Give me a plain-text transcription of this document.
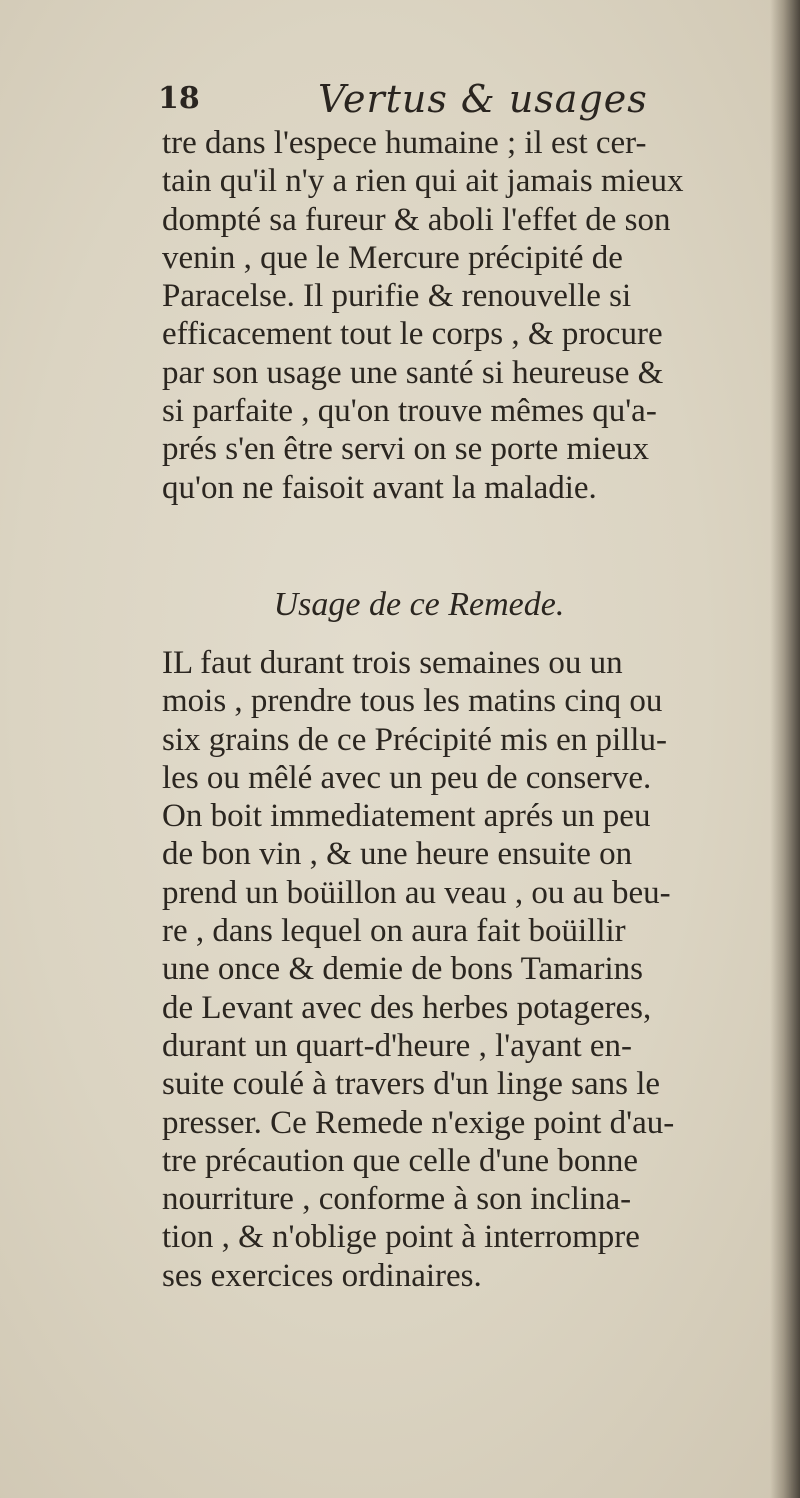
18	Vertus & usages
tre dans l'espece humaine ; il est cer-
tain qu'il n'y a rien qui ait jamais mieux
dompté sa fureur & aboli l'effet de son
venin , que le Mercure précipité de
Paracelse. Il purifie & renouvelle si
efficacement tout le corps , & procure
par son usage une santé si heureuse &
si parfaite , qu'on trouve mêmes qu'a-
prés s'en être servi on se porte mieux
qu'on ne faisoit avant la maladie.
Usage de ce Remede.
IL faut durant trois semaines ou un
mois , prendre tous les matins cinq ou
six grains de ce Précipité mis en pillu-
les ou mêlé avec un peu de conserve.
On boit immediatement aprés un peu
de bon vin , & une heure ensuite on
prend un boüillon au veau , ou au beu-
re , dans lequel on aura fait boüillir
une once & demie de bons Tamarins
de Levant avec des herbes potageres,
durant un quart-d'heure , l'ayant en-
suite coulé à travers d'un linge sans le
presser. Ce Remede n'exige point d'au-
tre précaution que celle d'une bonne
nourriture , conforme à son inclina-
tion , & n'oblige point à interrompre
ses exercices ordinaires.
